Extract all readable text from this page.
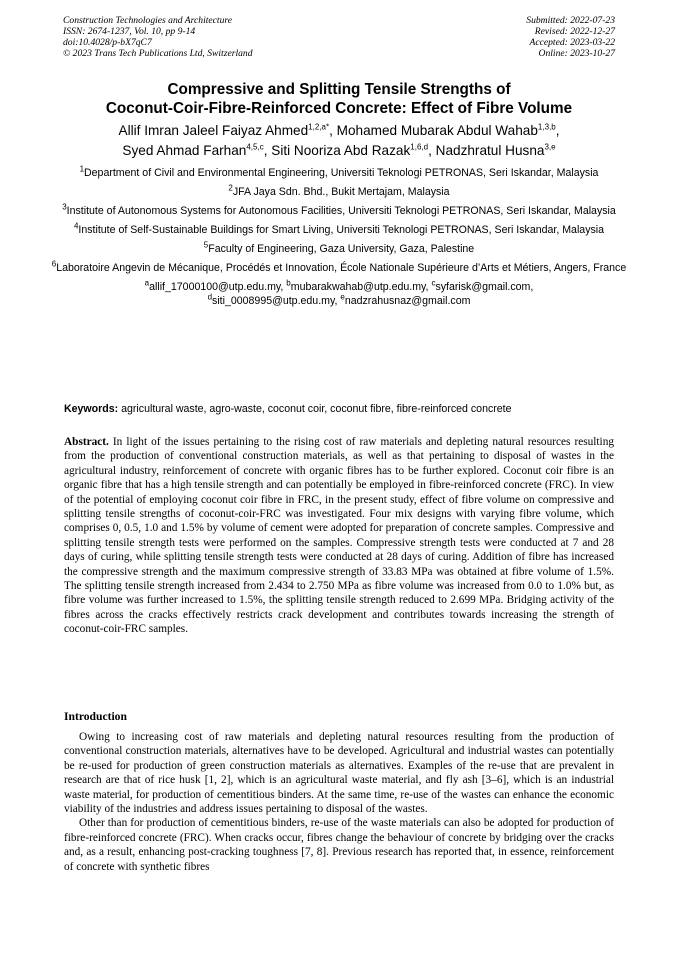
Construction Technologies and Architecture
ISSN: 2674-1237, Vol. 10, pp 9-14
doi:10.4028/p-bX7qC7
© 2023 Trans Tech Publications Ltd, Switzerland
Submitted: 2022-07-23
Revised: 2022-12-27
Accepted: 2023-03-22
Online: 2023-10-27
Compressive and Splitting Tensile Strengths of
Coconut-Coir-Fibre-Reinforced Concrete: Effect of Fibre Volume
Allif Imran Jaleel Faiyaz Ahmed$^{1,2,a*}$, Mohamed Mubarak Abdul Wahab$^{1,3,b}$,
Syed Ahmad Farhan$^{4,5,c}$, Siti Nooriza Abd Razak$^{1,6,d}$, Nadzhratul Husna$^{3,e}$
$^1$Department of Civil and Environmental Engineering, Universiti Teknologi PETRONAS, Seri Iskandar, Malaysia
$^2$JFA Jaya Sdn. Bhd., Bukit Mertajam, Malaysia
$^3$Institute of Autonomous Systems for Autonomous Facilities, Universiti Teknologi PETRONAS, Seri Iskandar, Malaysia
$^4$Institute of Self-Sustainable Buildings for Smart Living, Universiti Teknologi PETRONAS, Seri Iskandar, Malaysia
$^5$Faculty of Engineering, Gaza University, Gaza, Palestine
$^6$Laboratoire Angevin de Mécanique, Procédés et Innovation, École Nationale Supérieure d’Arts et Métiers, Angers, France
$^a$allif_17000100@utp.edu.my, $^b$mubarakwahab@utp.edu.my, $^c$syfarisk@gmail.com,
$^d$siti_0008995@utp.edu.my, $^e$nadzrahusnaz@gmail.com
Keywords: agricultural waste, agro-waste, coconut coir, coconut fibre, fibre-reinforced concrete
Abstract. In light of the issues pertaining to the rising cost of raw materials and depleting natural resources resulting from the production of conventional construction materials, as well as that pertaining to disposal of wastes in the agricultural industry, reinforcement of concrete with organic fibres has to be further explored. Coconut coir fibre is an organic fibre that has a high tensile strength and can potentially be employed in fibre-reinforced concrete (FRC). In view of the potential of employing coconut coir fibre in FRC, in the present study, effect of fibre volume on compressive and splitting tensile strengths of coconut-coir-FRC was investigated. Four mix designs with varying fibre volume, which comprises 0, 0.5, 1.0 and 1.5% by volume of cement were adopted for preparation of concrete samples. Compressive and splitting tensile strength tests were performed on the samples. Compressive strength tests were conducted at 7 and 28 days of curing, while splitting tensile strength tests were conducted at 28 days of curing. Addition of fibre has increased the compressive strength and the maximum compressive strength of 33.83 MPa was obtained at fibre volume of 1.5%. The splitting tensile strength increased from 2.434 to 2.750 MPa as fibre volume was increased from 0.0 to 1.0% but, as fibre volume was further increased to 1.5%, the splitting tensile strength reduced to 2.699 MPa. Bridging activity of the fibres across the cracks effectively restricts crack development and contributes towards increasing the strength of coconut-coir-FRC samples.
Introduction

Owing to increasing cost of raw materials and depleting natural resources resulting from the production of conventional construction materials, alternatives have to be developed. Agricultural and industrial wastes can potentially be re-used for production of green construction materials as alternatives. Examples of the re-use that are prevalent in research are that of rice husk [1, 2], which is an agricultural waste material, and fly ash [3–6], which is an industrial waste material, for production of cementitious binders. At the same time, re-use of the wastes can enhance the economic viability of the industries and address issues pertaining to disposal of the wastes.

Other than for production of cementitious binders, re-use of the waste materials can also be adopted for production of fibre-reinforced concrete (FRC). When cracks occur, fibres change the behaviour of concrete by bridging over the cracks and, as a result, enhancing post-cracking toughness [7, 8]. Previous research has reported that, in essence, reinforcement of concrete with synthetic fibres
